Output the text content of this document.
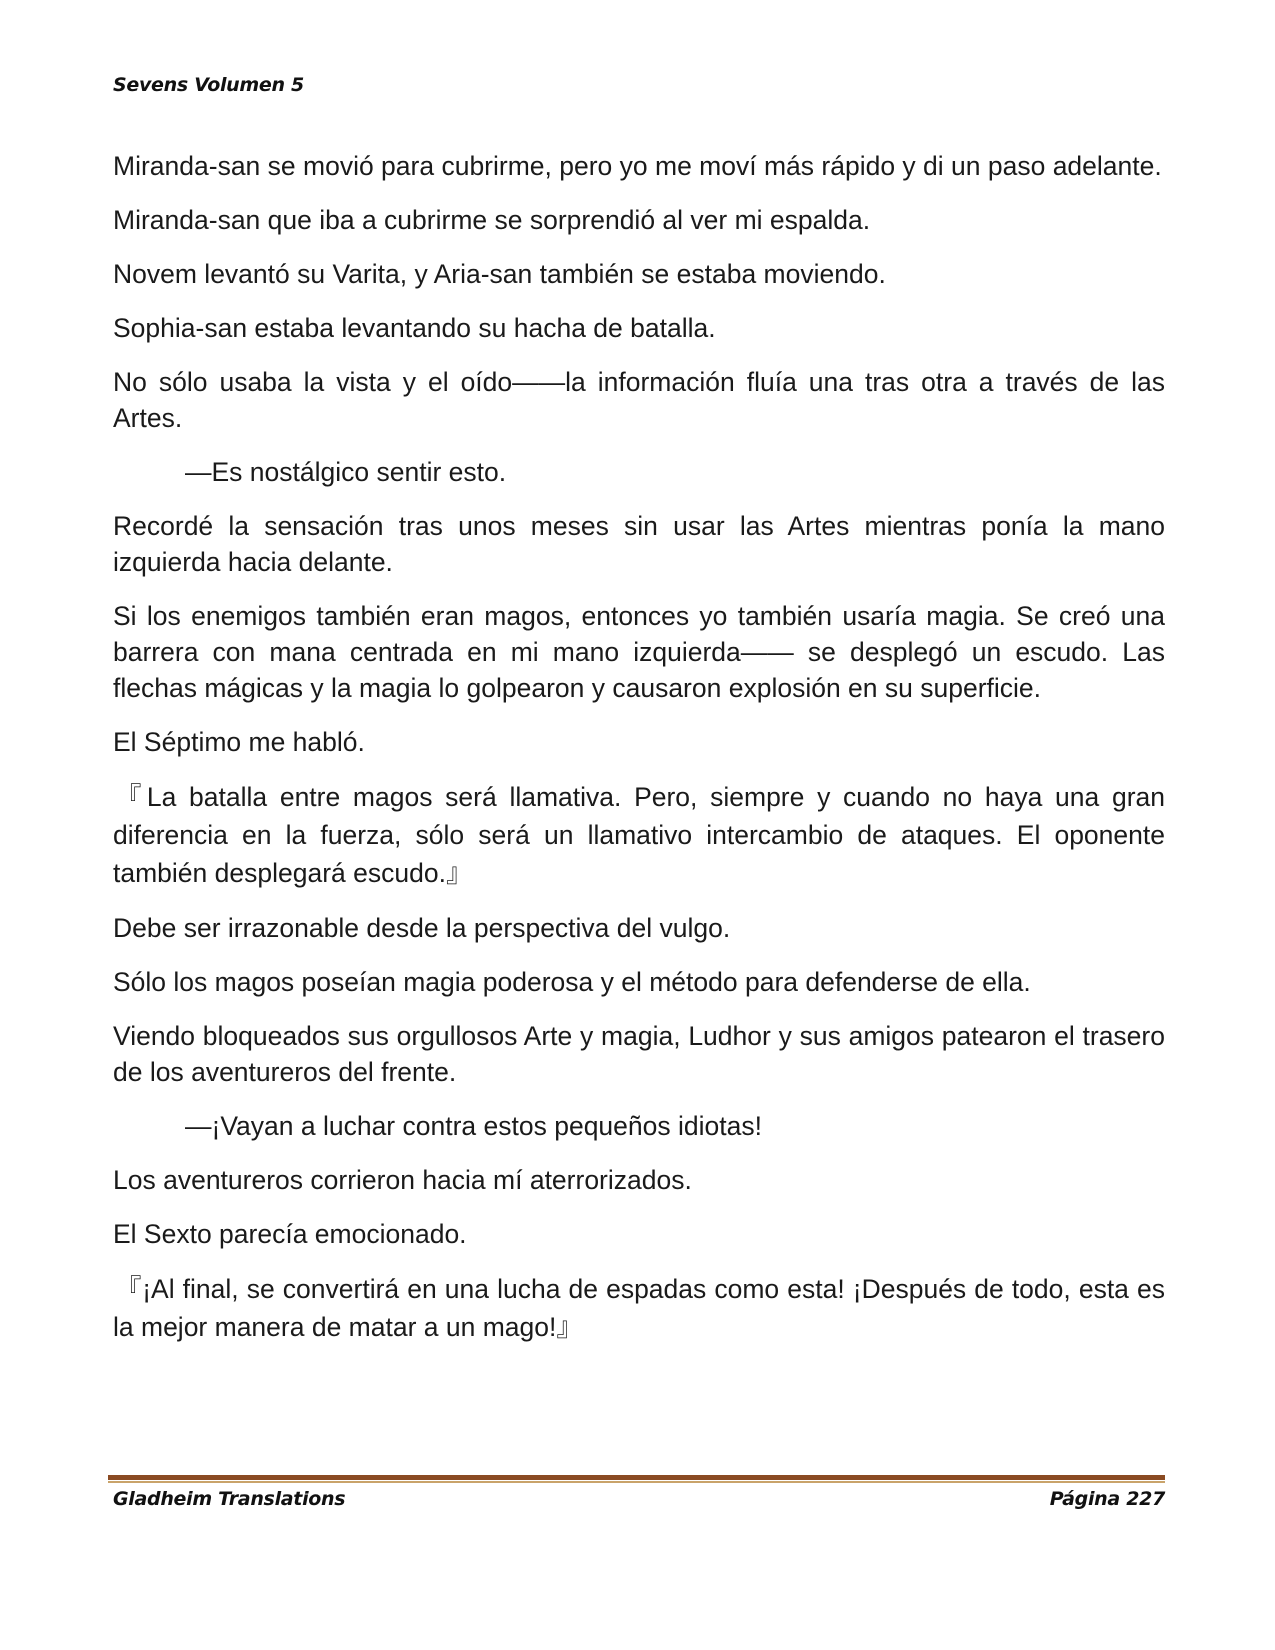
Sevens Volumen 5

Miranda-san se movió para cubrirme, pero yo me moví más rápido y di un paso adelante.

Miranda-san que iba a cubrirme se sorprendió al ver mi espalda.

Novem levantó su Varita, y Aria-san también se estaba moviendo.

Sophia-san estaba levantando su hacha de batalla.

No sólo usaba la vista y el oído――la información fluía una tras otra a través de las Artes.

―Es nostálgico sentir esto.

Recordé la sensación tras unos meses sin usar las Artes mientras ponía la mano izquierda hacia delante.

Si los enemigos también eran magos, entonces yo también usaría magia. Se creó una barrera con mana centrada en mi mano izquierda―― se desplegó un escudo. Las flechas mágicas y la magia lo golpearon y causaron explosión en su superficie.

El Séptimo me habló.

『La batalla entre magos será llamativa. Pero, siempre y cuando no haya una gran diferencia en la fuerza, sólo será un llamativo intercambio de ataques. El oponente también desplegará escudo.』

Debe ser irrazonable desde la perspectiva del vulgo.

Sólo los magos poseían magia poderosa y el método para defenderse de ella.

Viendo bloqueados sus orgullosos Arte y magia, Ludhor y sus amigos patearon el trasero de los aventureros del frente.

―¡Vayan a luchar contra estos pequeños idiotas!

Los aventureros corrieron hacia mí aterrorizados.

El Sexto parecía emocionado.

『¡Al final, se convertirá en una lucha de espadas como esta! ¡Después de todo, esta es la mejor manera de matar a un mago!』

Gladheim Translations	Página 227
